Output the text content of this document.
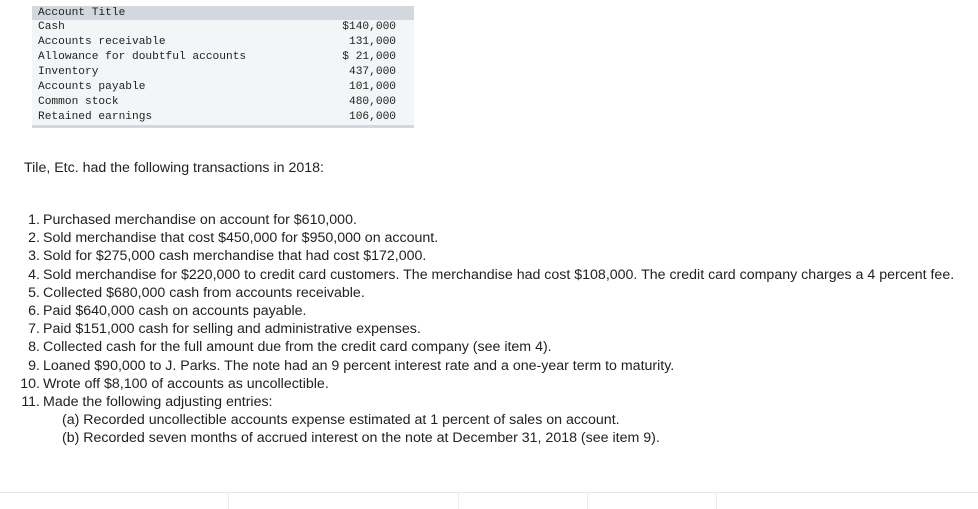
Account Title	
Cash	$140,000
Accounts receivable	131,000
Allowance for doubtful accounts	$ 21,000
Inventory	437,000
Accounts payable	101,000
Common stock	480,000
Retained earnings	106,000

Tile, Etc. had the following transactions in 2018:

1. Purchased merchandise on account for $610,000.
2. Sold merchandise that cost $450,000 for $950,000 on account.
3. Sold for $275,000 cash merchandise that had cost $172,000.
4. Sold merchandise for $220,000 to credit card customers. The merchandise had cost $108,000. The credit card company charges a 4 percent fee.
5. Collected $680,000 cash from accounts receivable.
6. Paid $640,000 cash on accounts payable.
7. Paid $151,000 cash for selling and administrative expenses.
8. Collected cash for the full amount due from the credit card company (see item 4).
9. Loaned $90,000 to J. Parks. The note had an 9 percent interest rate and a one-year term to maturity.
10. Wrote off $8,100 of accounts as uncollectible.
11. Made the following adjusting entries:
(a) Recorded uncollectible accounts expense estimated at 1 percent of sales on account.
(b) Recorded seven months of accrued interest on the note at December 31, 2018 (see item 9).
